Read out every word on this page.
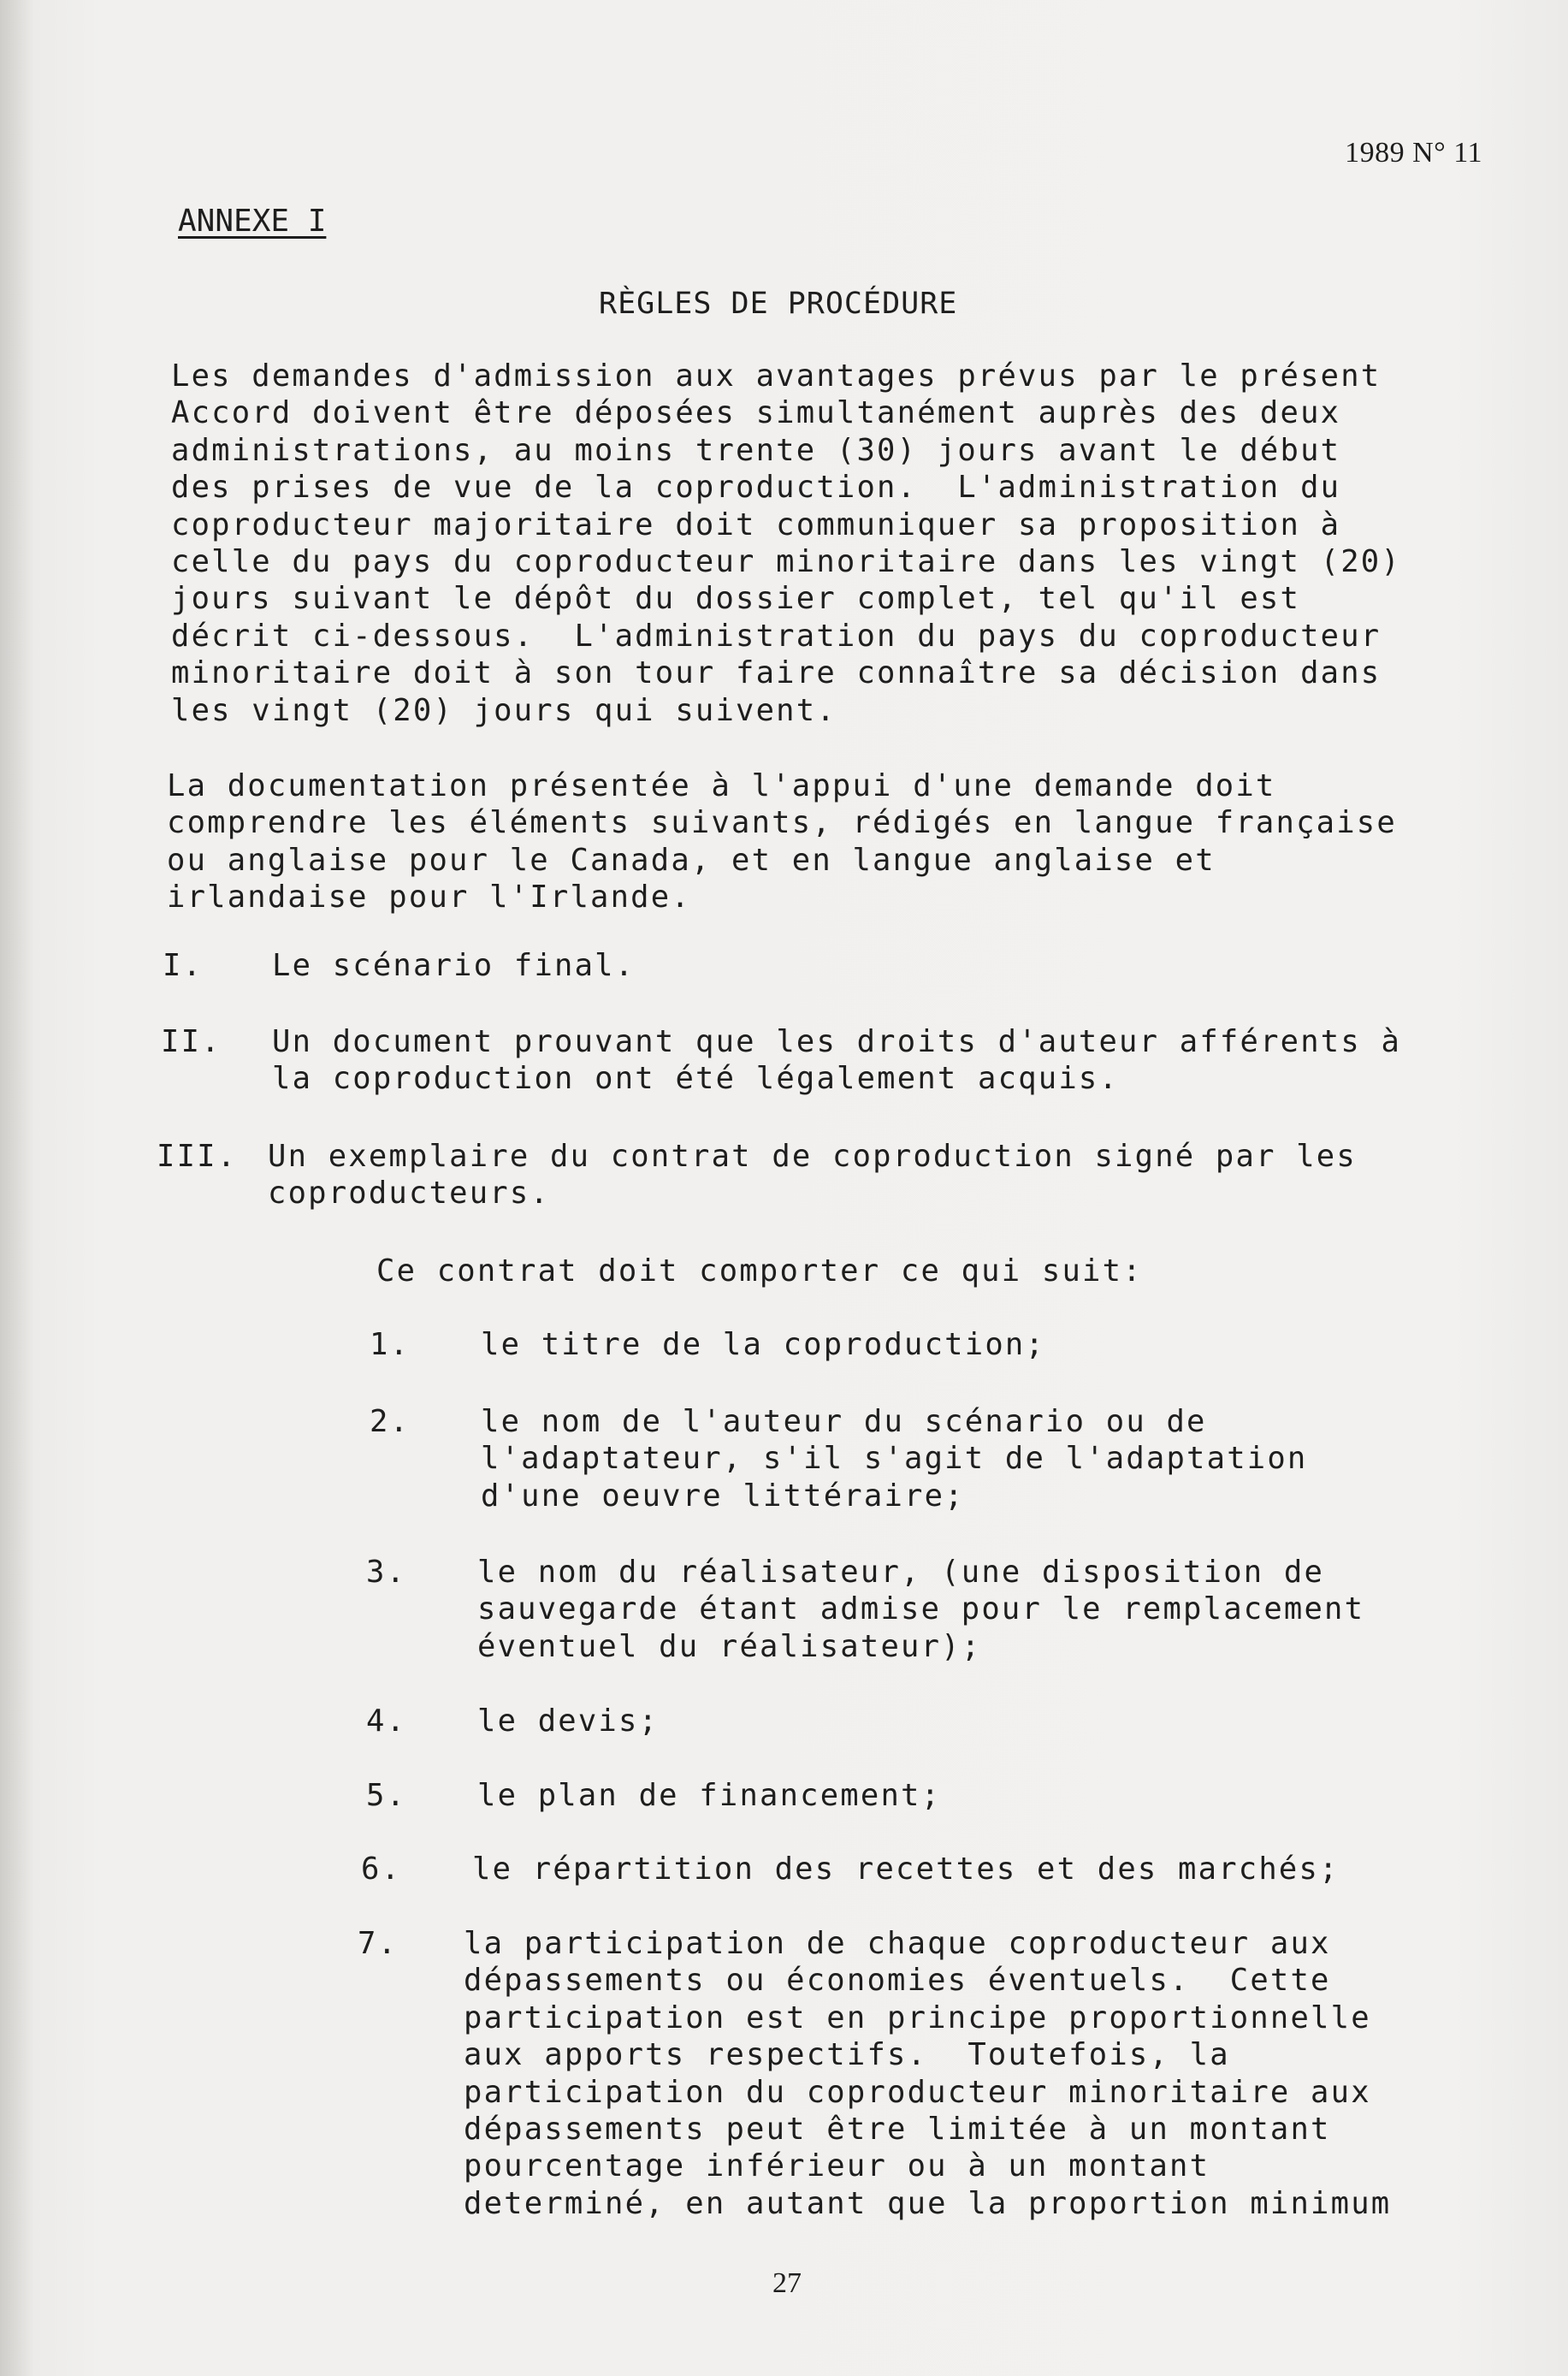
1989 N° 11
ANNEXE I
RÈGLES DE PROCÉDURE
Les demandes d'admission aux avantages prévus par le présent
Accord doivent être déposées simultanément auprès des deux
administrations, au moins trente (30) jours avant le début
des prises de vue de la coproduction.  L'administration du
coproducteur majoritaire doit communiquer sa proposition à
celle du pays du coproducteur minoritaire dans les vingt (20)
jours suivant le dépôt du dossier complet, tel qu'il est
décrit ci-dessous.  L'administration du pays du coproducteur
minoritaire doit à son tour faire connaître sa décision dans
les vingt (20) jours qui suivent.
La documentation présentée à l'appui d'une demande doit
comprendre les éléments suivants, rédigés en langue française
ou anglaise pour le Canada, et en langue anglaise et
irlandaise pour l'Irlande.

I.

Le scénario final.

II.

Un document prouvant que les droits d'auteur afférents à
la coproduction ont été légalement acquis.

III.

Un exemplaire du contrat de coproduction signé par les
coproducteurs.

Ce contrat doit comporter ce qui suit:

1.

le titre de la coproduction;

2.

le nom de l'auteur du scénario ou de
l'adaptateur, s'il s'agit de l'adaptation
d'une oeuvre littéraire;

3.

le nom du réalisateur, (une disposition de
sauvegarde étant admise pour le remplacement
éventuel du réalisateur);

4.

le devis;

5.

le plan de financement;

6.

le répartition des recettes et des marchés;

7.

la participation de chaque coproducteur aux
dépassements ou économies éventuels.  Cette
participation est en principe proportionnelle
aux apports respectifs.  Toutefois, la
participation du coproducteur minoritaire aux
dépassements peut être limitée à un montant
pourcentage inférieur ou à un montant
determiné, en autant que la proportion minimum

27
